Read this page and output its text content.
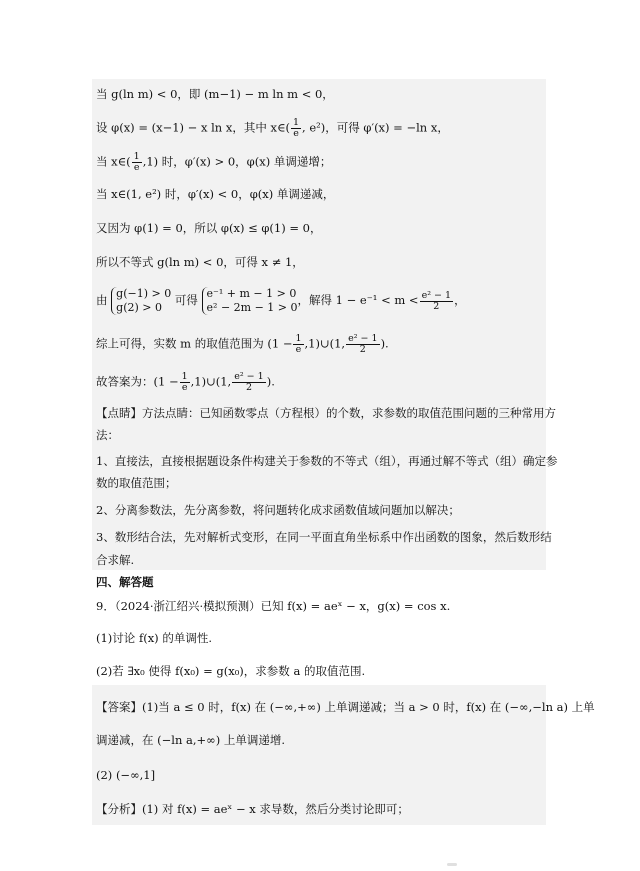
当 g(ln m) < 0，即 (m−1) − m ln m < 0，
设 φ(x) = (x−1) − x ln x，其中 x∈( $\frac{1}{e}$ , e²)，可得 φ′(x) = −ln x，
当 x∈( $\frac{1}{e} ,1$) 时，φ′(x) > 0，φ(x) 单调递增；
当 x∈(1, e²) 时，φ′(x) < 0，φ(x) 单调递减，
又因为 φ(1) = 0，所以 φ(x) ≤ φ(1) = 0，
所以不等式 g(ln m) < 0，可得 x ≠ 1，
由 g(−1) > 0
g(2) > 0
可得 e⁻¹ + m − 1 > 0
e² − 2m − 1 > 0
，解得 $1 - e^{-1} < m < \frac{\text{e² − 1}}{2}$ ，
综上可得，实数 m 的取值范围为 ($1 - \frac{1}{e}$ ,1)∪(1, $\frac{\text{e² − 1}}{2}$ ).
故答案为：($1 - \frac{1}{e}$ ,1)∪(1, $\frac{\text{e² − 1}}{2}$ ).
【点睛】方法点睛：已知函数零点（方程根）的个数，求参数的取值范围问题的三种常用方
法：
1、直接法，直接根据题设条件构建关于参数的不等式（组），再通过解不等式（组）确定参
数的取值范围；
2、分离参数法，先分离参数，将问题转化成求函数值域问题加以解决；
3、数形结合法，先对解析式变形，在同一平面直角坐标系中作出函数的图象，然后数形结
合求解.
四、解答题
9．（2024·浙江绍兴·模拟预测）已知 f(x) = aeˣ − x，g(x) = cos x.
(1)讨论 f(x) 的单调性.
(2)若 ∃x₀ 使得 f(x₀) = g(x₀)，求参数 a 的取值范围.
【答案】(1)当 a ≤ 0 时，f(x) 在 (−∞,+∞) 上单调递减；当 a > 0 时，f(x) 在 (−∞,−ln a) 上单
调递减，在 (−ln a,+∞) 上单调递增.
(2) (−∞,1]
【分析】(1) 对 f(x) = aeˣ − x 求导数，然后分类讨论即可；
